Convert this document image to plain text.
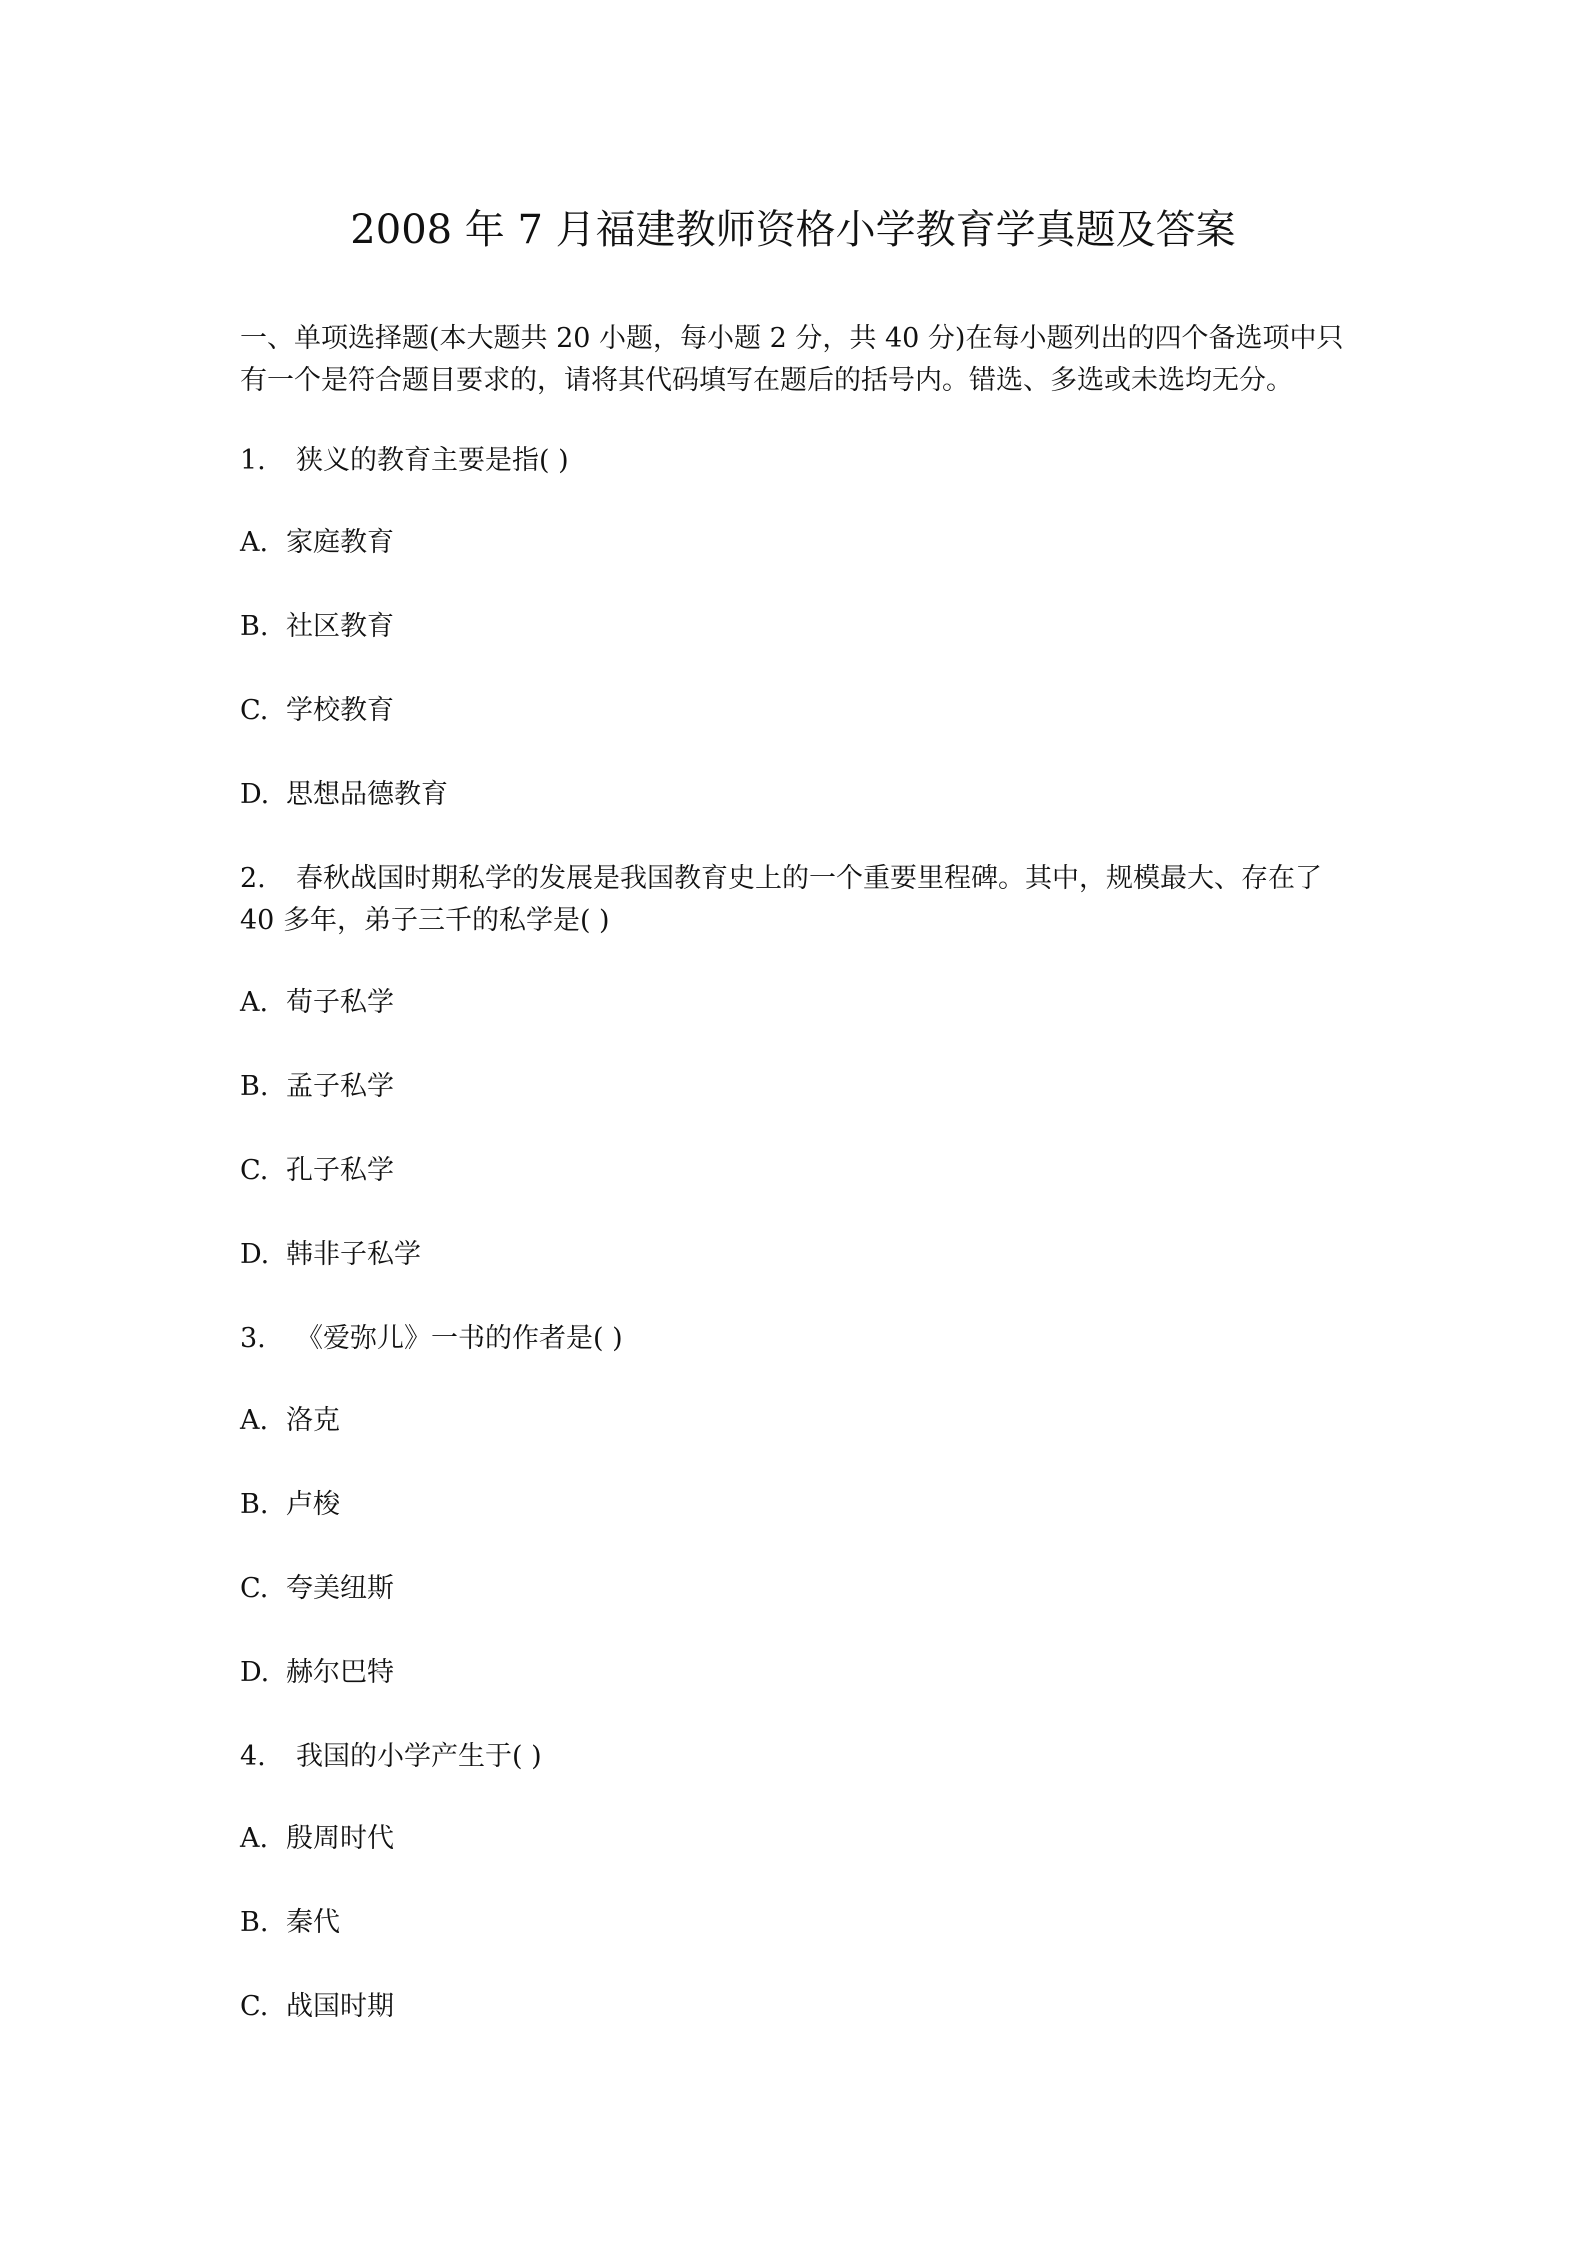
2008 年 7 月福建教师资格小学教育学真题及答案

一、单项选择题(本大题共 20 小题，每小题 2 分，共 40 分)在每小题列出的四个备选项中只

有一个是符合题目要求的，请将其代码填写在题后的括号内。错选、多选或未选均无分。

1. 狭义的教育主要是指( )

A. 家庭教育

B. 社区教育

C. 学校教育

D. 思想品德教育

2. 春秋战国时期私学的发展是我国教育史上的一个重要里程碑。其中，规模最大、存在了

40 多年，弟子三千的私学是( )

A. 荀子私学

B. 孟子私学

C. 孔子私学

D. 韩非子私学

3. 《爱弥儿》一书的作者是( )

A. 洛克

B. 卢梭

C. 夸美纽斯

D. 赫尔巴特

4. 我国的小学产生于( )

A. 殷周时代

B. 秦代

C. 战国时期
